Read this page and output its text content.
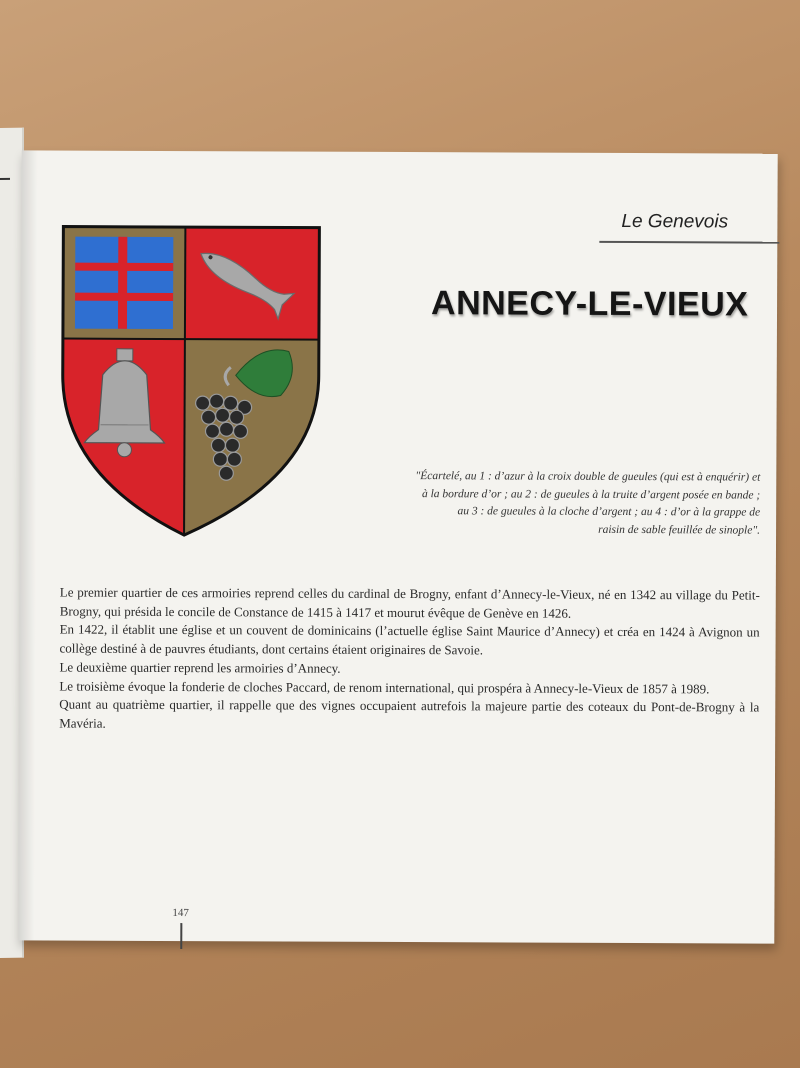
Le Genevois
ANNECY-LE-VIEUX
"Écartelé, au 1 : d’azur à la croix double de gueules (qui est à enquérir) et
à la bordure d’or ; au 2 : de gueules à la truite d’argent posée en bande ;
au 3 : de gueules à la cloche d’argent ; au 4 : d’or à la grappe de
raisin de sable feuillée de sinople".

Le premier quartier de ces armoiries reprend celles du cardinal de Brogny, enfant d’Annecy-le-Vieux, né en 1342 au village du Petit-Brogny, qui présida le concile de Constance de 1415 à 1417 et mourut évêque de Genève en 1426.

En 1422, il établit une église et un couvent de dominicains (l’actuelle église Saint Maurice d’Annecy) et créa en 1424 à Avignon un collège destiné à de pauvres étudiants, dont certains étaient originaires de Savoie.

Le deuxième quartier reprend les armoiries d’Annecy.

Le troisième évoque la fonderie de cloches Paccard, de renom international, qui prospéra à Annecy-le-Vieux de 1857 à 1989.

Quant au quatrième quartier, il rappelle que des vignes occupaient autrefois la majeure partie des coteaux du Pont-de-Brogny à la Mavéria.

147
